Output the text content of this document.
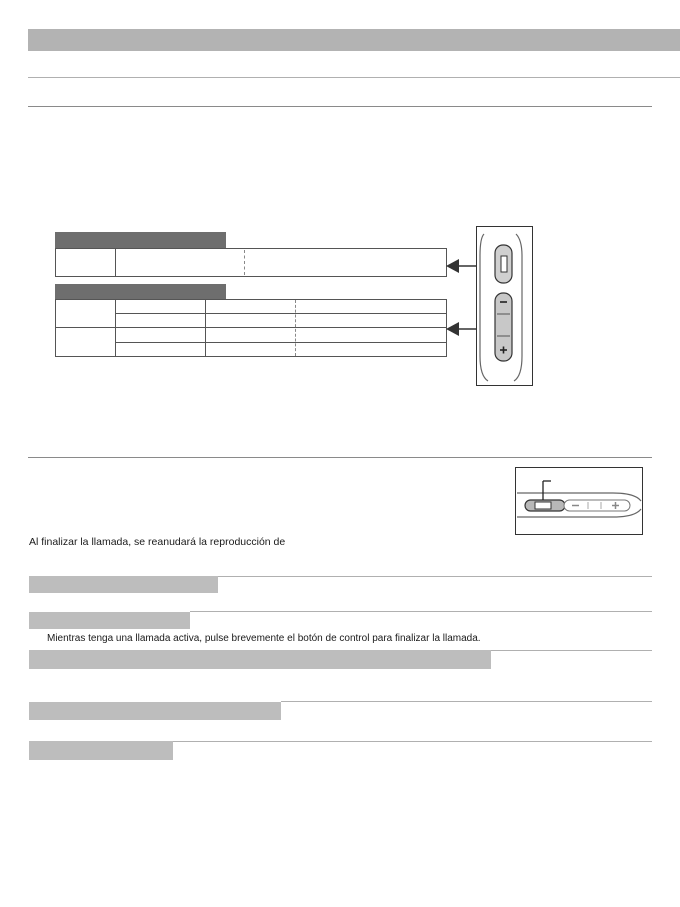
Al finalizar la llamada, se reanudará la reproducción de
Mientras tenga una llamada activa, pulse brevemente el botón de control para finalizar la llamada.
